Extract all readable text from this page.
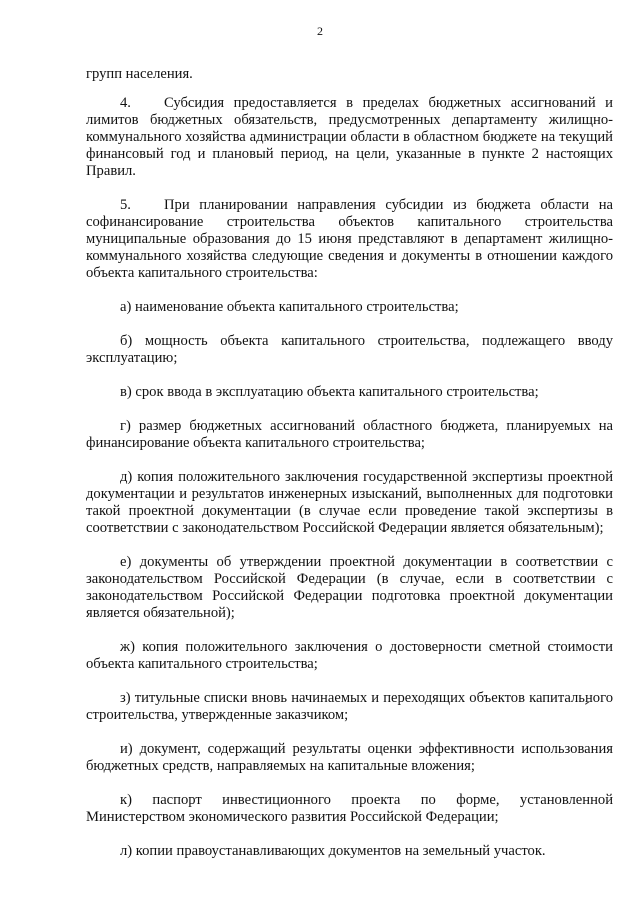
2

групп населения.

4. Субсидия предоставляется в пределах бюджетных ассигнований и лимитов бюджетных обязательств, предусмотренных департаменту жилищно-коммунального хозяйства администрации области в областном бюджете на текущий финансовый год и плановый период, на цели, указанные в пункте 2 настоящих Правил.

5. При планировании направления субсидии из бюджета области на софинансирование строительства объектов капитального строительства муниципальные образования до 15 июня представляют в департамент жилищно-коммунального хозяйства следующие сведения и документы в отношении каждого объекта капитального строительства:

а) наименование объекта капитального строительства;

б) мощность объекта капитального строительства, подлежащего вводу эксплуатацию;

в) срок ввода в эксплуатацию объекта капитального строительства;

г) размер бюджетных ассигнований областного бюджета, планируемых на финансирование объекта капитального строительства;

д) копия положительного заключения государственной экспертизы проектной документации и результатов инженерных изысканий, выполненных для подготовки такой проектной документации (в случае если проведение такой экспертизы в соответствии с законодательством Российской Федерации является обязательным);

е) документы об утверждении проектной документации в соответствии с законодательством Российской Федерации (в случае, если в соответствии с законодательством Российской Федерации подготовка проектной документации является обязательной);

ж) копия положительного заключения о достоверности сметной стоимости объекта капитального строительства;

з) титульные списки вновь начинаемых и переходящих объектов капитального строительства, утвержденные заказчиком;

и) документ, содержащий результаты оценки эффективности использования бюджетных средств, направляемых на капитальные вложения;

к) паспорт инвестиционного проекта по форме, установленной Министерством экономического развития Российской Федерации;

л) копии правоустанавливающих документов на земельный участок.
